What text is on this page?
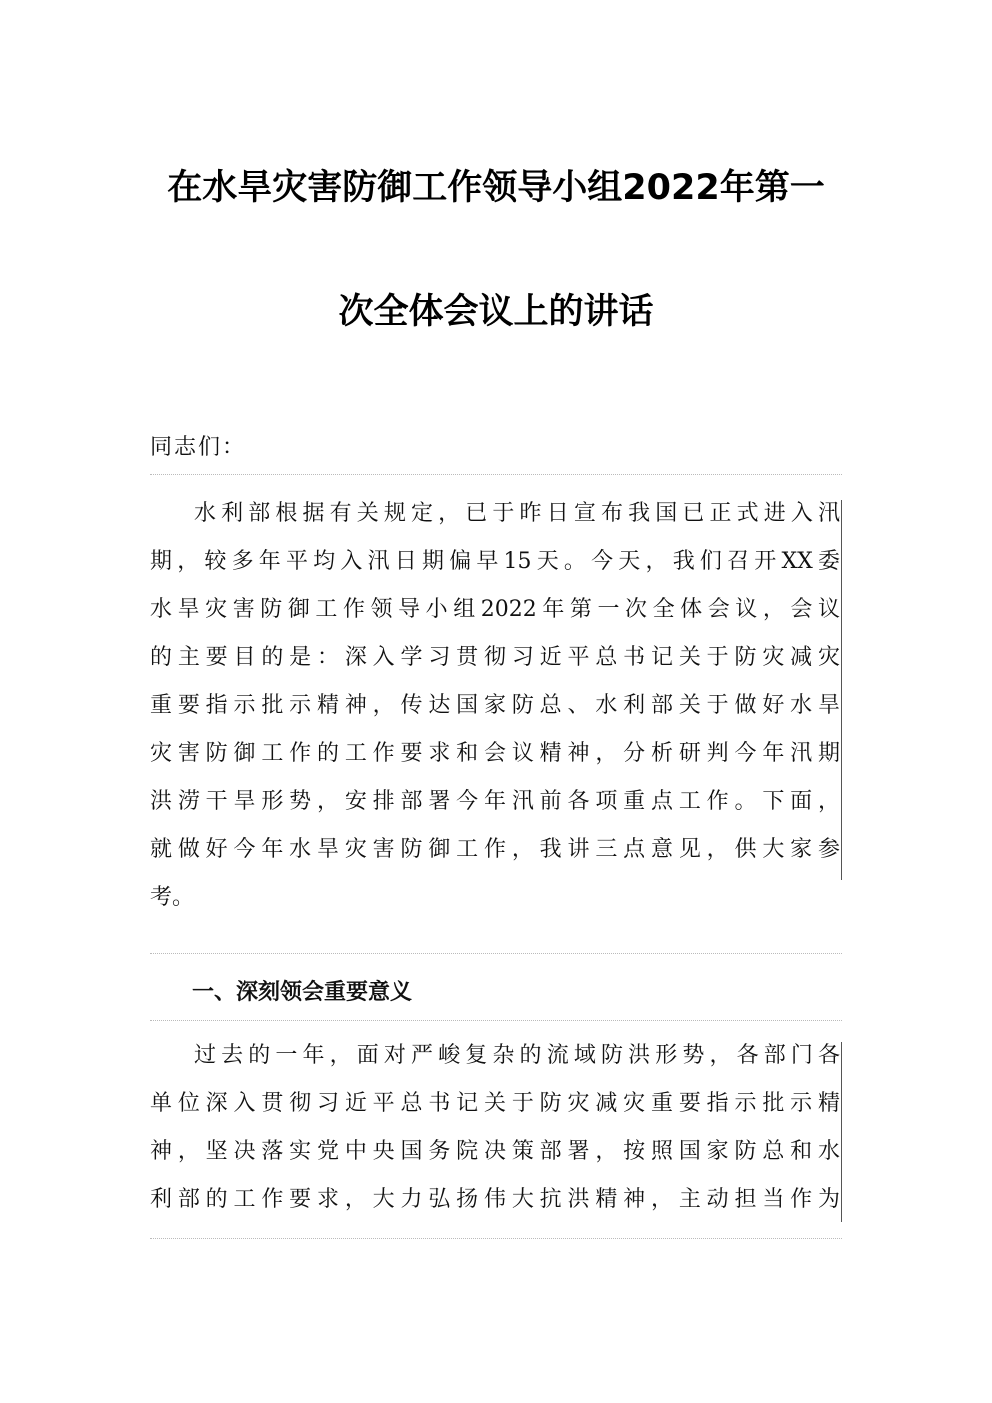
在水旱灾害防御工作领导小组2022年第一
次全体会议上的讲话
同志们：
水利部根据有关规定，已于昨日宣布我国已正式进入汛
期，较多年平均入汛日期偏早15天。今天，我们召开XX委
水旱灾害防御工作领导小组2022年第一次全体会议，会议
的主要目的是：深入学习贯彻习近平总书记关于防灾减灾
重要指示批示精神，传达国家防总、水利部关于做好水旱
灾害防御工作的工作要求和会议精神，分析研判今年汛期
洪涝干旱形势，安排部署今年汛前各项重点工作。下面，
就做好今年水旱灾害防御工作，我讲三点意见，供大家参
考。
一、深刻领会重要意义
过去的一年，面对严峻复杂的流域防洪形势，各部门各
单位深入贯彻习近平总书记关于防灾减灾重要指示批示精
神，坚决落实党中央国务院决策部署，按照国家防总和水
利部的工作要求，大力弘扬伟大抗洪精神，主动担当作为
